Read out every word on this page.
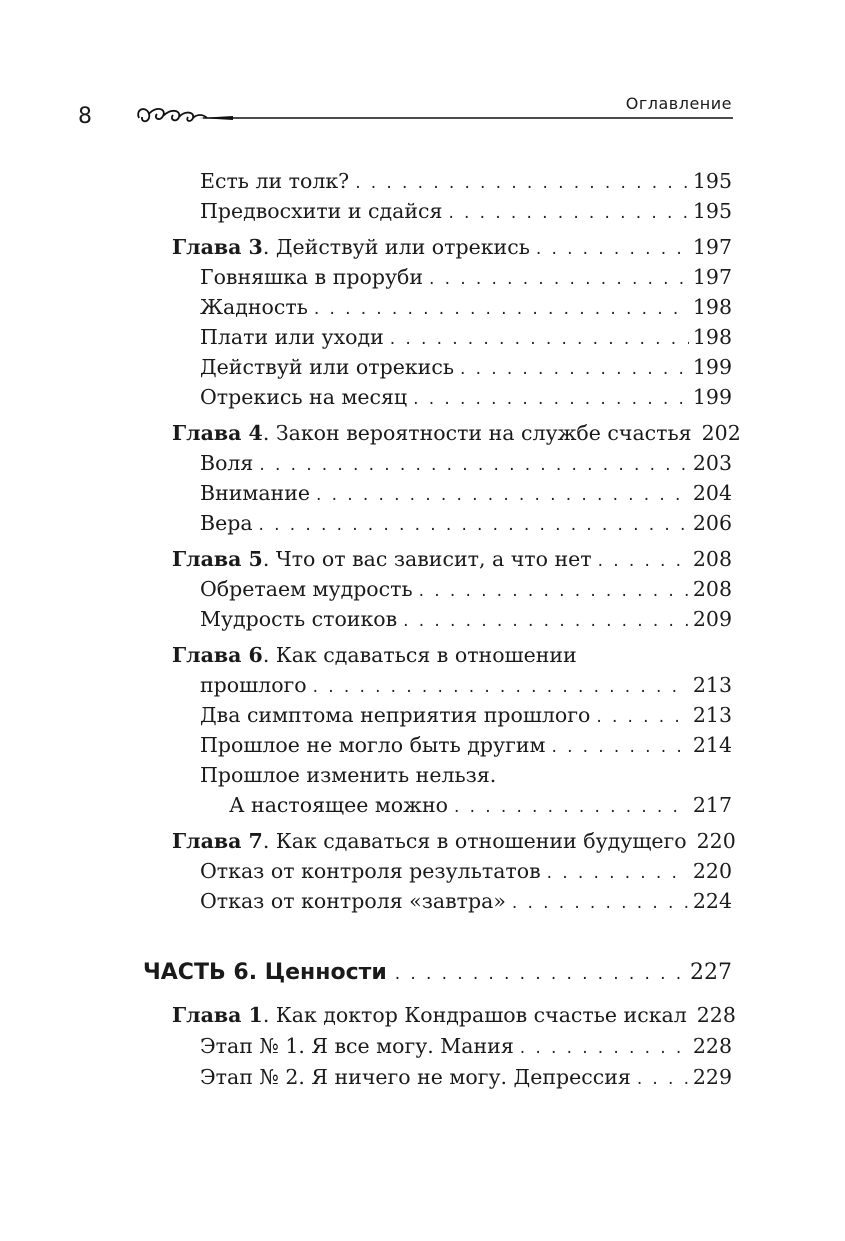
8
Оглавление
Есть ли толк? . . .	195
Предвосхити и сдайся . . .	195
Глава 3. Действуй или отрекись . . .	197
Говняшка в проруби . . .	197
Жадность . . .	198
Плати или уходи . . .	198
Действуй или отрекись . . .	199
Отрекись на месяц . . .	199
Глава 4. Закон вероятности на службе счастья 202
Воля . . .	203
Внимание . . .	204
Вера . . .	206
Глава 5. Что от вас зависит, а что нет . . .	208
Обретаем мудрость . . .	208
Мудрость стоиков . . .	209
Глава 6. Как сдаваться в отношении
прошлого . . .	213
Два симптома неприятия прошлого . . .	213
Прошлое не могло быть другим . . .	214
Прошлое изменить нельзя.
А настоящее можно . . .	217
Глава 7. Как сдаваться в отношении будущего 220
Отказ от контроля результатов . . .	220
Отказ от контроля «завтра» . . .	224
ЧАСТЬ 6. Ценности . . .	227
Глава 1. Как доктор Кондрашов счастье искал 228
Этап № 1. Я все могу. Мания . . .	228
Этап № 2. Я ничего не могу. Депрессия . . .	229
